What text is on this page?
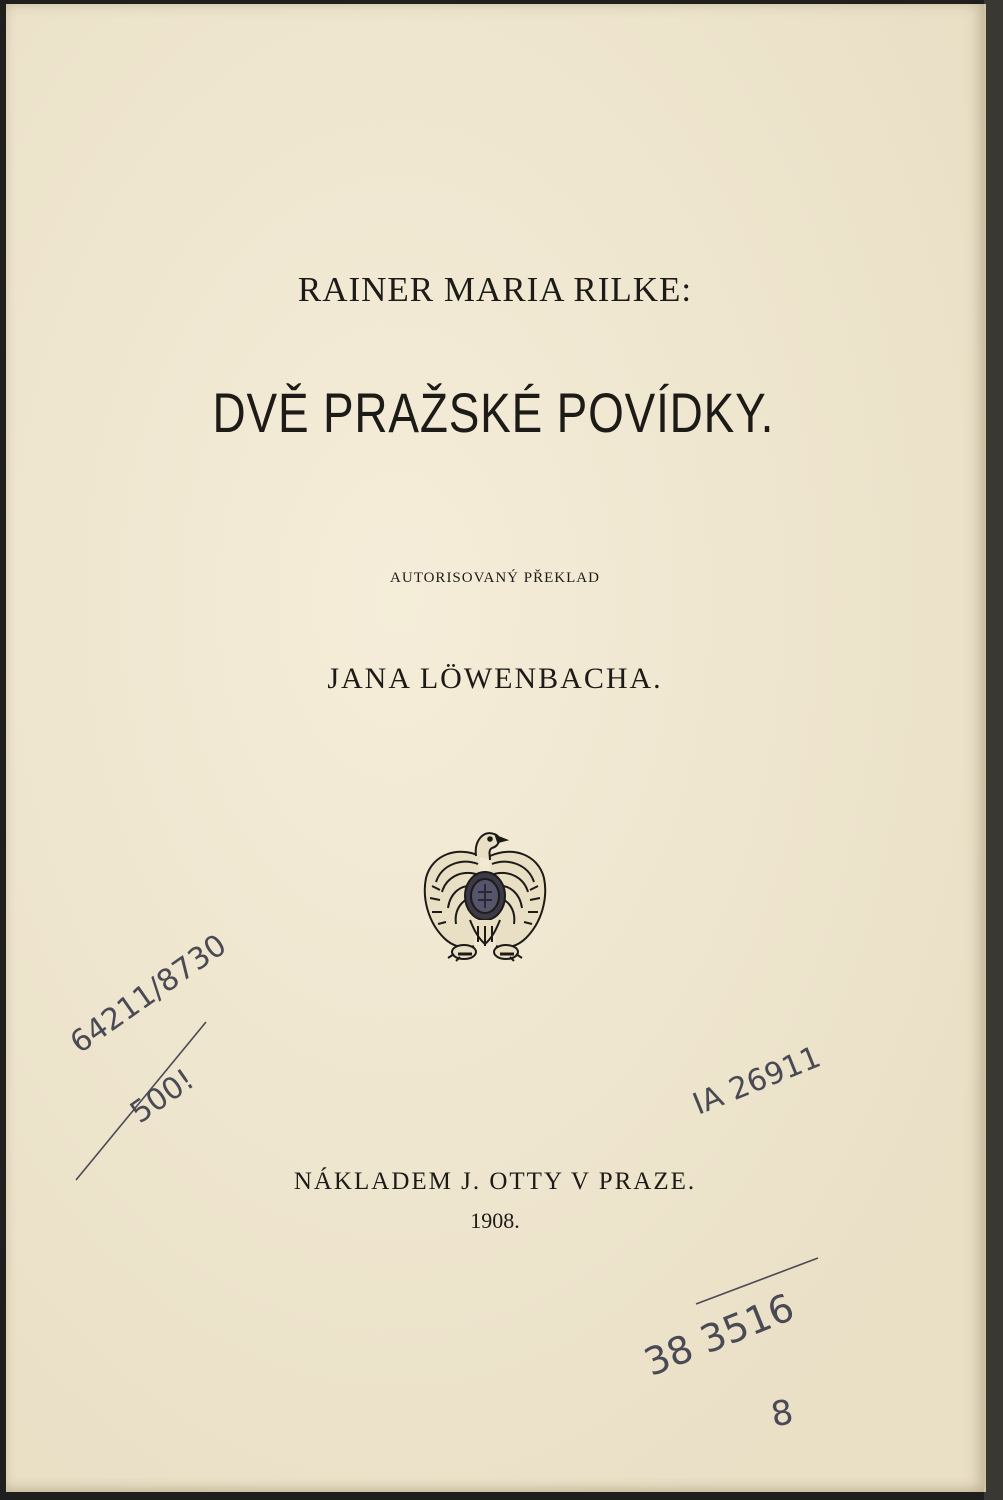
RAINER MARIA RILKE:
DVĚ PRAŽSKÉ POVÍDKY.
AUTORISOVANÝ PŘEKLAD
JANA LÖWENBACHA.
NÁKLADEM J. OTTY V PRAZE.
1908.
64211/8730
500!	IA 26911
38 3516
8
